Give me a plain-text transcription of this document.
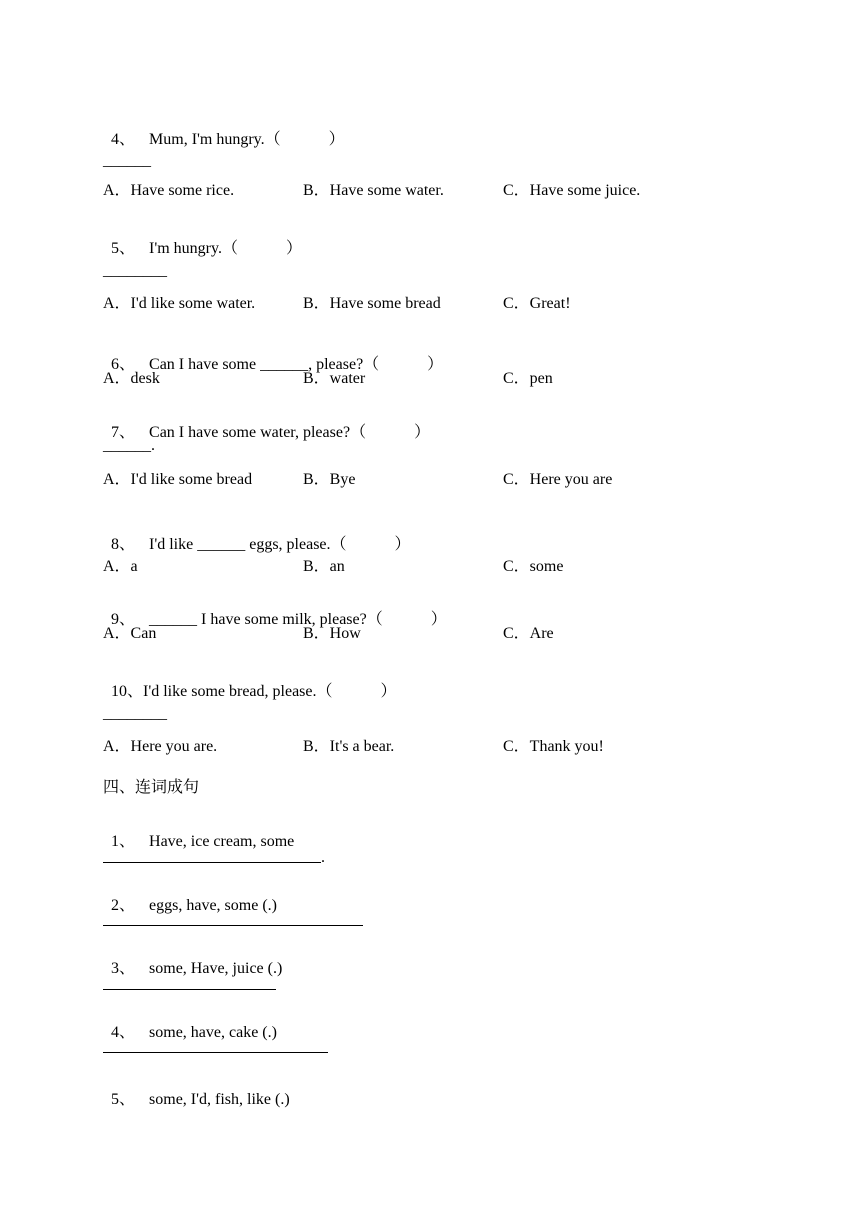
4、 Mum, I'm hungry.（　　　）

______
A．Have some rice.	B．Have some water.	C．Have some juice.

5、 I'm hungry.（　　　）

________
A．I'd like some water.	B．Have some bread	C．Great!

6、 Can I have some ______, please?（　　　）

A．desk	B．water	C．pen

7、 Can I have some water, please?（　　　）

______.
A．I'd like some bread	B．Bye	C．Here you are

8、 I'd like ______ eggs, please.（　　　）

A．a	B．an	C．some

9、 ______ I have some milk, please?（　　　）

A．Can	B．How	C．Are

10、I'd like some bread, please.（　　　）

________
A．Here you are.	B．It's a bear.	C．Thank you!
四、连词成句

1、 Have, ice cream, some

.

2、 eggs, have, some (.)

3、 some, Have, juice (.)

4、 some, have, cake (.)

5、 some, I'd, fish, like (.)
